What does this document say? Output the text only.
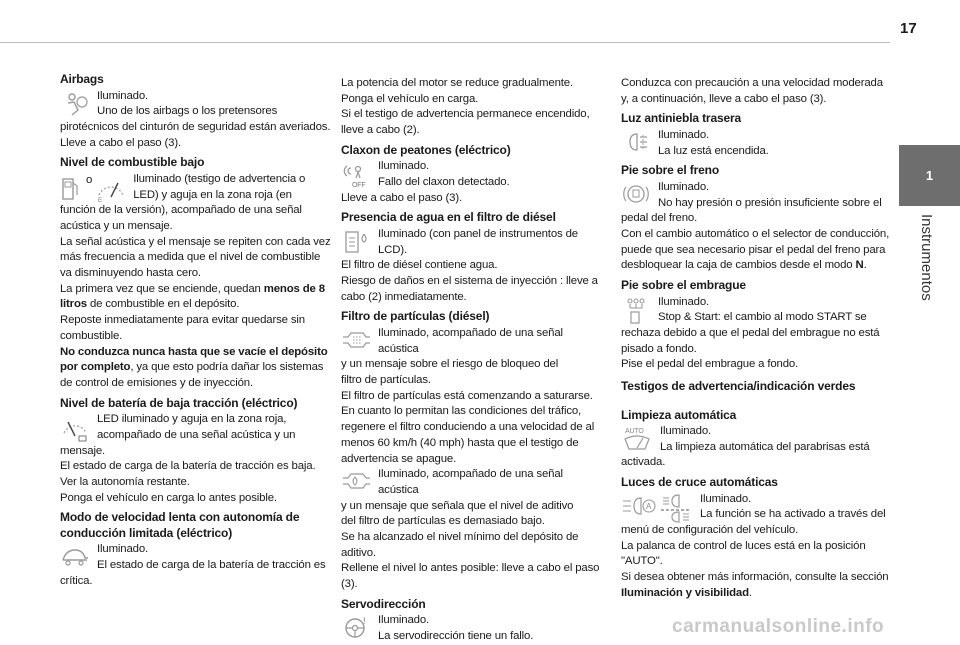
17
1
Instrumentos
Airbags

Iluminado.

Uno de los airbags o los pretensores

pirotécnicos del cinturón de seguridad están averiados. Lleve a cabo el paso (3).

Nivel de combustible bajo
o
E

Iluminado (testigo de advertencia o

LED) y aguja en la zona roja (en

función de la versión), acompañado de una señal acústica y un mensaje.

La señal acústica y el mensaje se repiten con cada vez más frecuencia a medida que el nivel de combustible va disminuyendo hasta cero.

La primera vez que se enciende, quedan menos de 8 litros de combustible en el depósito.

Reposte inmediatamente para evitar quedarse sin combustible.

No conduzca nunca hasta que se vacíe el depósito por completo, ya que esto podría dañar los sistemas de control de emisiones y de inyección.

Nivel de batería de baja tracción (eléctrico)

LED iluminado y aguja en la zona roja,

acompañado de una señal acústica y un

mensaje.

El estado de carga de la batería de tracción es baja.

Ver la autonomía restante.

Ponga el vehículo en carga lo antes posible.

Modo de velocidad lenta con autonomía de conducción limitada (eléctrico)

Iluminado.

El estado de carga de la batería de tracción es

crítica.

La potencia del motor se reduce gradualmente.

Ponga el vehículo en carga.

Si el testigo de advertencia permanece encendido, lleve a cabo (2).

Claxon de peatones (eléctrico)
OFF

Iluminado.

Fallo del claxon detectado.

Lleve a cabo el paso (3).

Presencia de agua en el filtro de diésel

Iluminado (con panel de instrumentos de LCD).

El filtro de diésel contiene agua.

Riesgo de daños en el sistema de inyección : lleve a cabo (2) inmediatamente.

Filtro de partículas (diésel)

Iluminado, acompañado de una señal acústica

y un mensaje sobre el riesgo de bloqueo del

filtro de partículas.

El filtro de partículas está comenzando a saturarse.

En cuanto lo permitan las condiciones del tráfico, regenere el filtro conduciendo a una velocidad de al menos 60 km/h (40 mph) hasta que el testigo de advertencia se apague.

Iluminado, acompañado de una señal acústica

y un mensaje que señala que el nivel de aditivo

del filtro de partículas es demasiado bajo.

Se ha alcanzado el nivel mínimo del depósito de aditivo.

Rellene el nivel lo antes posible: lleve a cabo el paso (3).

Servodirección
!	Iluminado.

La servodirección tiene un fallo.

Conduzca con precaución a una velocidad moderada y, a continuación, lleve a cabo el paso (3).

Luz antiniebla trasera

Iluminado.

La luz está encendida.

Pie sobre el freno

Iluminado.

No hay presión o presión insuficiente sobre el

pedal del freno.

Con el cambio automático o el selector de conducción, puede que sea necesario pisar el pedal del freno para desbloquear la caja de cambios desde el modo N.

Pie sobre el embrague

Iluminado.

Stop & Start: el cambio al modo START se

rechaza debido a que el pedal del embrague no está pisado a fondo.

Pise el pedal del embrague a fondo.

Testigos de advertencia/indicación verdes
Limpieza automática
AUTO	Iluminado.

La limpieza automática del parabrisas está

activada.

Luces de cruce automáticas
A

Iluminado.

La función se ha activado a través del

menú de configuración del vehículo.

La palanca de control de luces está en la posición "AUTO".

Si desea obtener más información, consulte la sección Iluminación y visibilidad.

carmanualsonline.info
